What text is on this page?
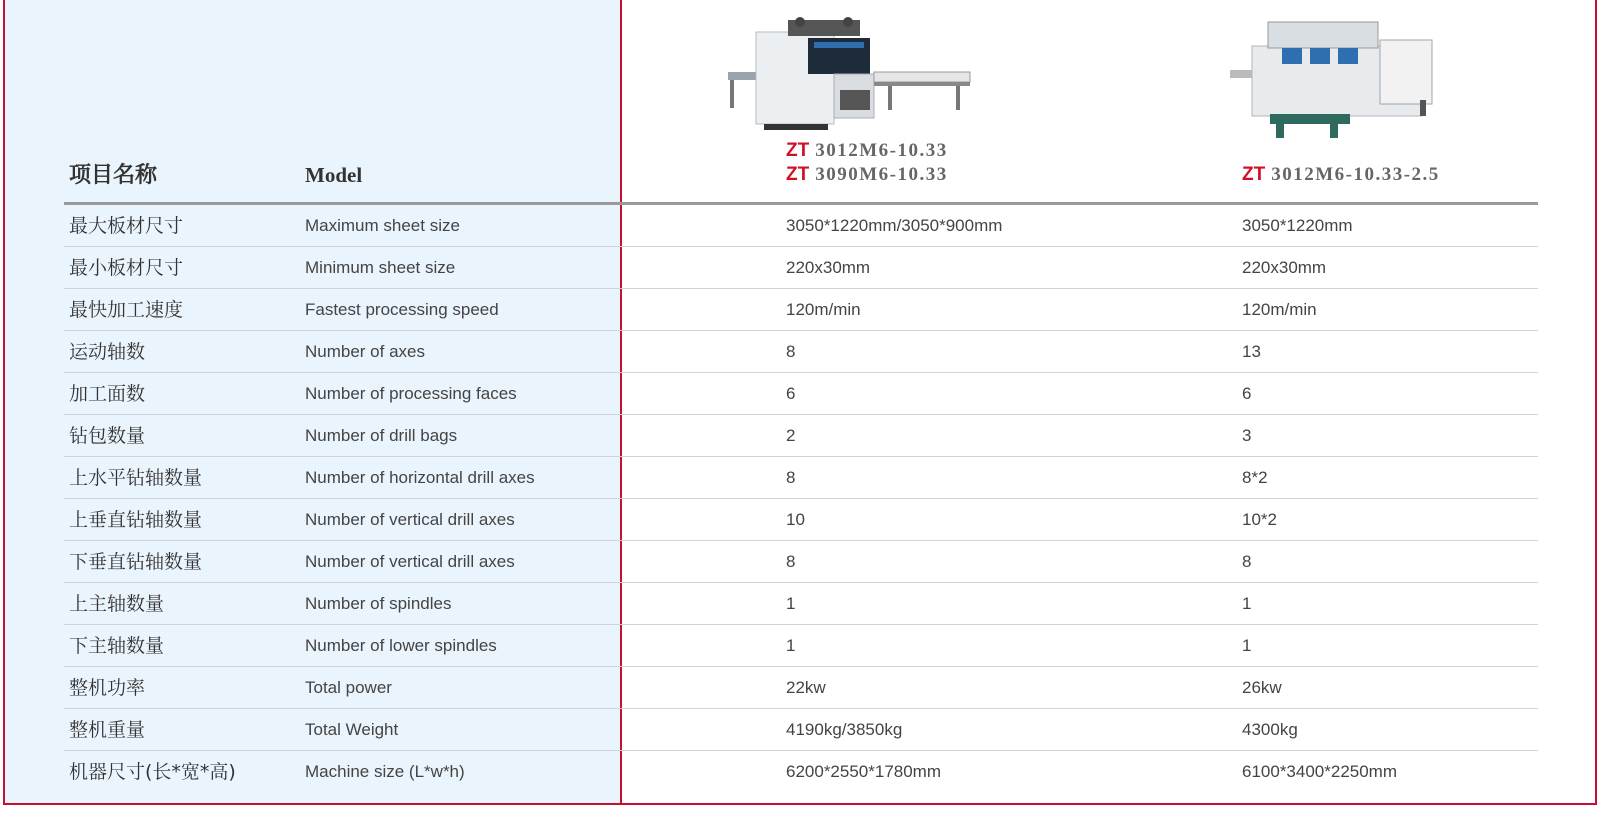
项目名称	Model
ZT 3012M6-10.33
ZT 3090M6-10.33	ZT 3012M6-10.33-2.5
最大板材尺寸	Maximum sheet size	3050*1220mm/3050*900mm	3050*1220mm
最小板材尺寸	Minimum sheet size	220x30mm	220x30mm
最快加工速度	Fastest processing speed	120m/min	120m/min
运动轴数	Number of axes	8	13
加工面数	Number of processing faces	6	6
钻包数量	Number of drill bags	2	3
上水平钻轴数量	Number of horizontal drill axes	8	8*2
上垂直钻轴数量	Number of vertical drill axes	10	10*2
下垂直钻轴数量	Number of vertical drill axes	8	8
上主轴数量	Number of spindles	1	1
下主轴数量	Number of lower spindles	1	1
整机功率	Total power	22kw	26kw
整机重量	Total Weight	4190kg/3850kg	4300kg
机器尺寸(长*宽*高)	Machine size (L*w*h)	6200*2550*1780mm	6100*3400*2250mm
